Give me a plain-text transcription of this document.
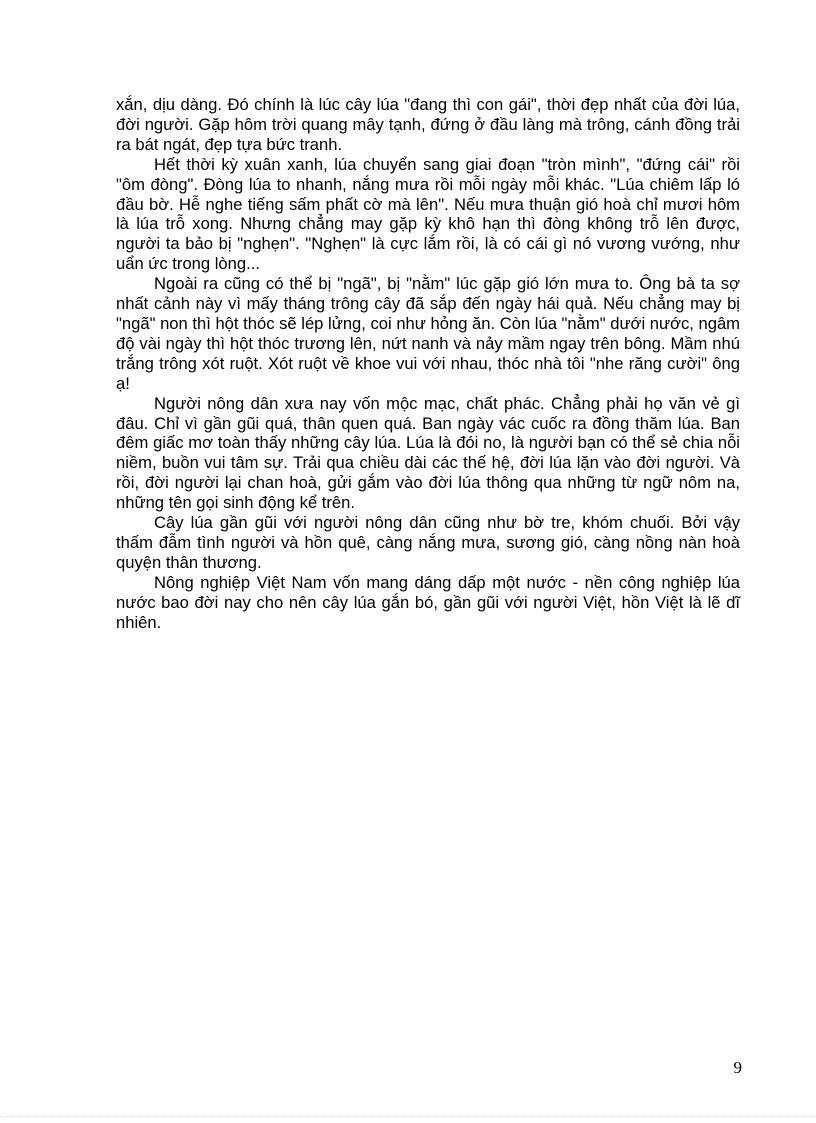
xắn, dịu dàng. Đó chính là lúc cây lúa "đang thì con gái", thời đẹp nhất của đời lúa, đời người. Gặp hôm trời quang mây tạnh, đứng ở đầu làng mà trông, cánh đồng trải ra bát ngát, đẹp tựa bức tranh.

Hết thời kỳ xuân xanh, lúa chuyển sang giai đoạn "tròn mình", "đứng cái" rồi "ôm đòng". Đòng lúa to nhanh, nắng mưa rồi mỗi ngày mỗi khác. "Lúa chiêm lấp ló đầu bờ. Hễ nghe tiếng sấm phất cờ mà lên". Nếu mưa thuận gió hoà chỉ mươi hôm là lúa trỗ xong. Nhưng chẳng may gặp kỳ khô hạn thì đòng không trỗ lên được, người ta bảo bị "nghẹn". "Nghẹn" là cực lắm rồi, là có cái gì nó vương vướng, như uẩn ức trong lòng...

Ngoài ra cũng có thể bị "ngã", bị "nằm" lúc gặp gió lớn mưa to. Ông bà ta sợ nhất cảnh này vì mấy tháng trông cây đã sắp đến ngày hái quả. Nếu chẳng may bị "ngã" non thì hột thóc sẽ lép lửng, coi như hỏng ăn. Còn lúa "nằm" dưới nước, ngâm độ vài ngày thì hột thóc trương lên, nứt nanh và nảy mầm ngay trên bông. Mầm nhú trắng trông xót ruột. Xót ruột về khoe vui với nhau, thóc nhà tôi "nhe răng cười" ông ạ!

Người nông dân xưa nay vốn mộc mạc, chất phác. Chẳng phải họ văn vẻ gì đâu. Chỉ vì gần gũi quá, thân quen quá. Ban ngày vác cuốc ra đồng thăm lúa. Ban đêm giấc mơ toàn thấy những cây lúa. Lúa là đói no, là người bạn có thể sẻ chia nỗi niềm, buồn vui tâm sự. Trải qua chiều dài các thế hệ, đời lúa lặn vào đời người. Và rồi, đời người lại chan hoà, gửi gắm vào đời lúa thông qua những từ ngữ nôm na, những tên gọi sinh động kể trên.

Cây lúa gần gũi với người nông dân cũng như bờ tre, khóm chuối. Bởi vậy thấm đẫm tình người và hồn quê, càng nắng mưa, sương gió, càng nồng nàn hoà quyện thân thương.

Nông nghiệp Việt Nam vốn mang dáng dấp một nước - nền công nghiệp lúa nước bao đời nay cho nên cây lúa gắn bó, gần gũi với người Việt, hồn Việt là lẽ dĩ nhiên.

9
